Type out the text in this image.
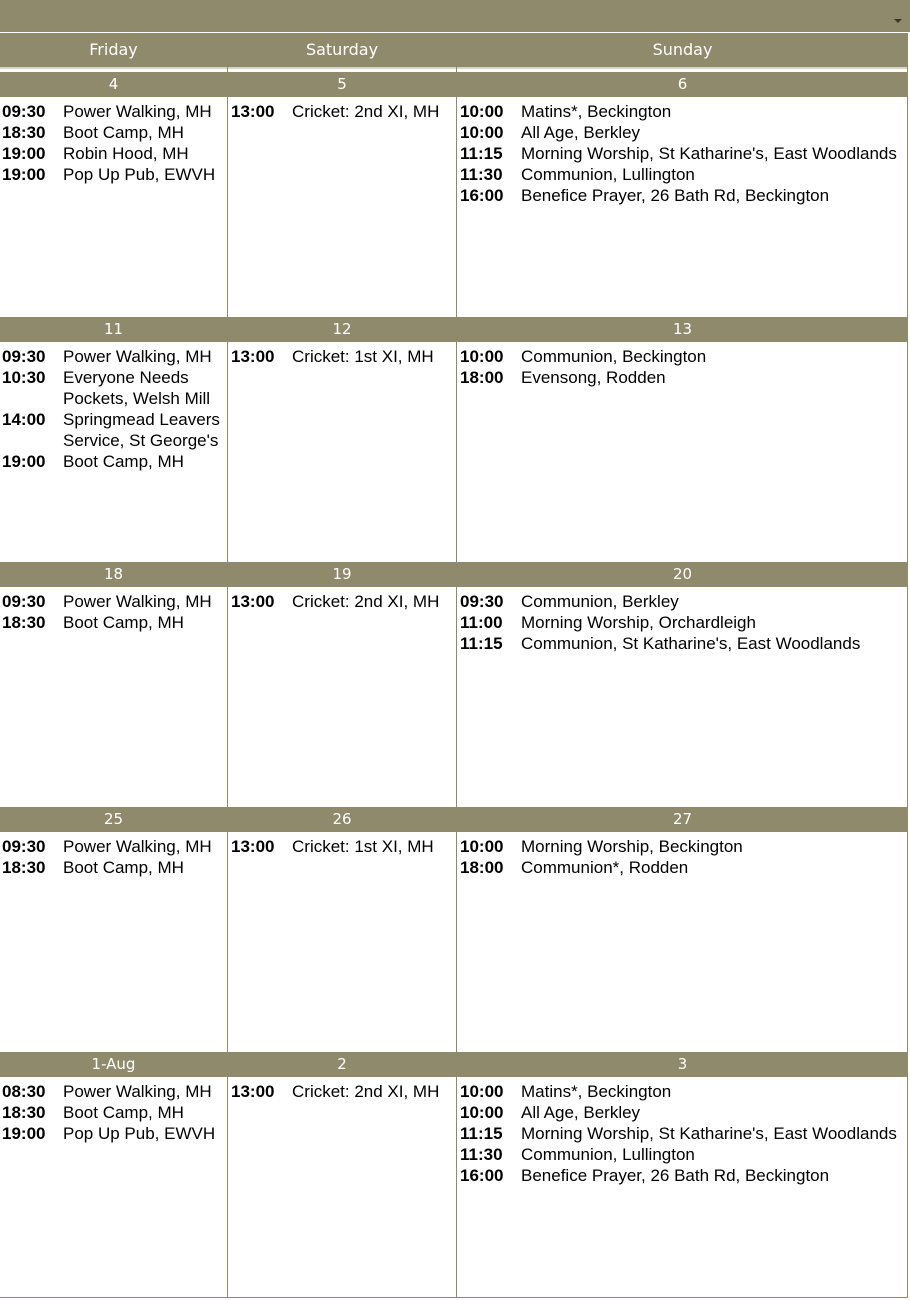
Friday	Saturday	Sunday
4
09:30	Power Walking, MH
18:30	Boot Camp, MH
19:00	Robin Hood, MH
19:00	Pop Up Pub, EWVH
5
13:00	Cricket: 2nd XI, MH
6
10:00	Matins*, Beckington
10:00	All Age, Berkley
11:15	Morning Worship, St Katharine's, East Woodlands
11:30	Communion, Lullington
16:00	Benefice Prayer, 26 Bath Rd, Beckington
11
09:30	Power Walking, MH
10:30	Everyone Needs Pockets, Welsh Mill
14:00	Springmead Leavers Service, St George's
19:00	Boot Camp, MH
12
13:00	Cricket: 1st XI, MH
13
10:00	Communion, Beckington
18:00	Evensong, Rodden
18
09:30	Power Walking, MH
18:30	Boot Camp, MH
19
13:00	Cricket: 2nd XI, MH
20
09:30	Communion, Berkley
11:00	Morning Worship, Orchardleigh
11:15	Communion, St Katharine's, East Woodlands
25
09:30	Power Walking, MH
18:30	Boot Camp, MH
26
13:00	Cricket: 1st XI, MH
27
10:00	Morning Worship, Beckington
18:00	Communion*, Rodden
1-Aug
08:30	Power Walking, MH
18:30	Boot Camp, MH
19:00	Pop Up Pub, EWVH
2
13:00	Cricket: 2nd XI, MH
3
10:00	Matins*, Beckington
10:00	All Age, Berkley
11:15	Morning Worship, St Katharine's, East Woodlands
11:30	Communion, Lullington
16:00	Benefice Prayer, 26 Bath Rd, Beckington
